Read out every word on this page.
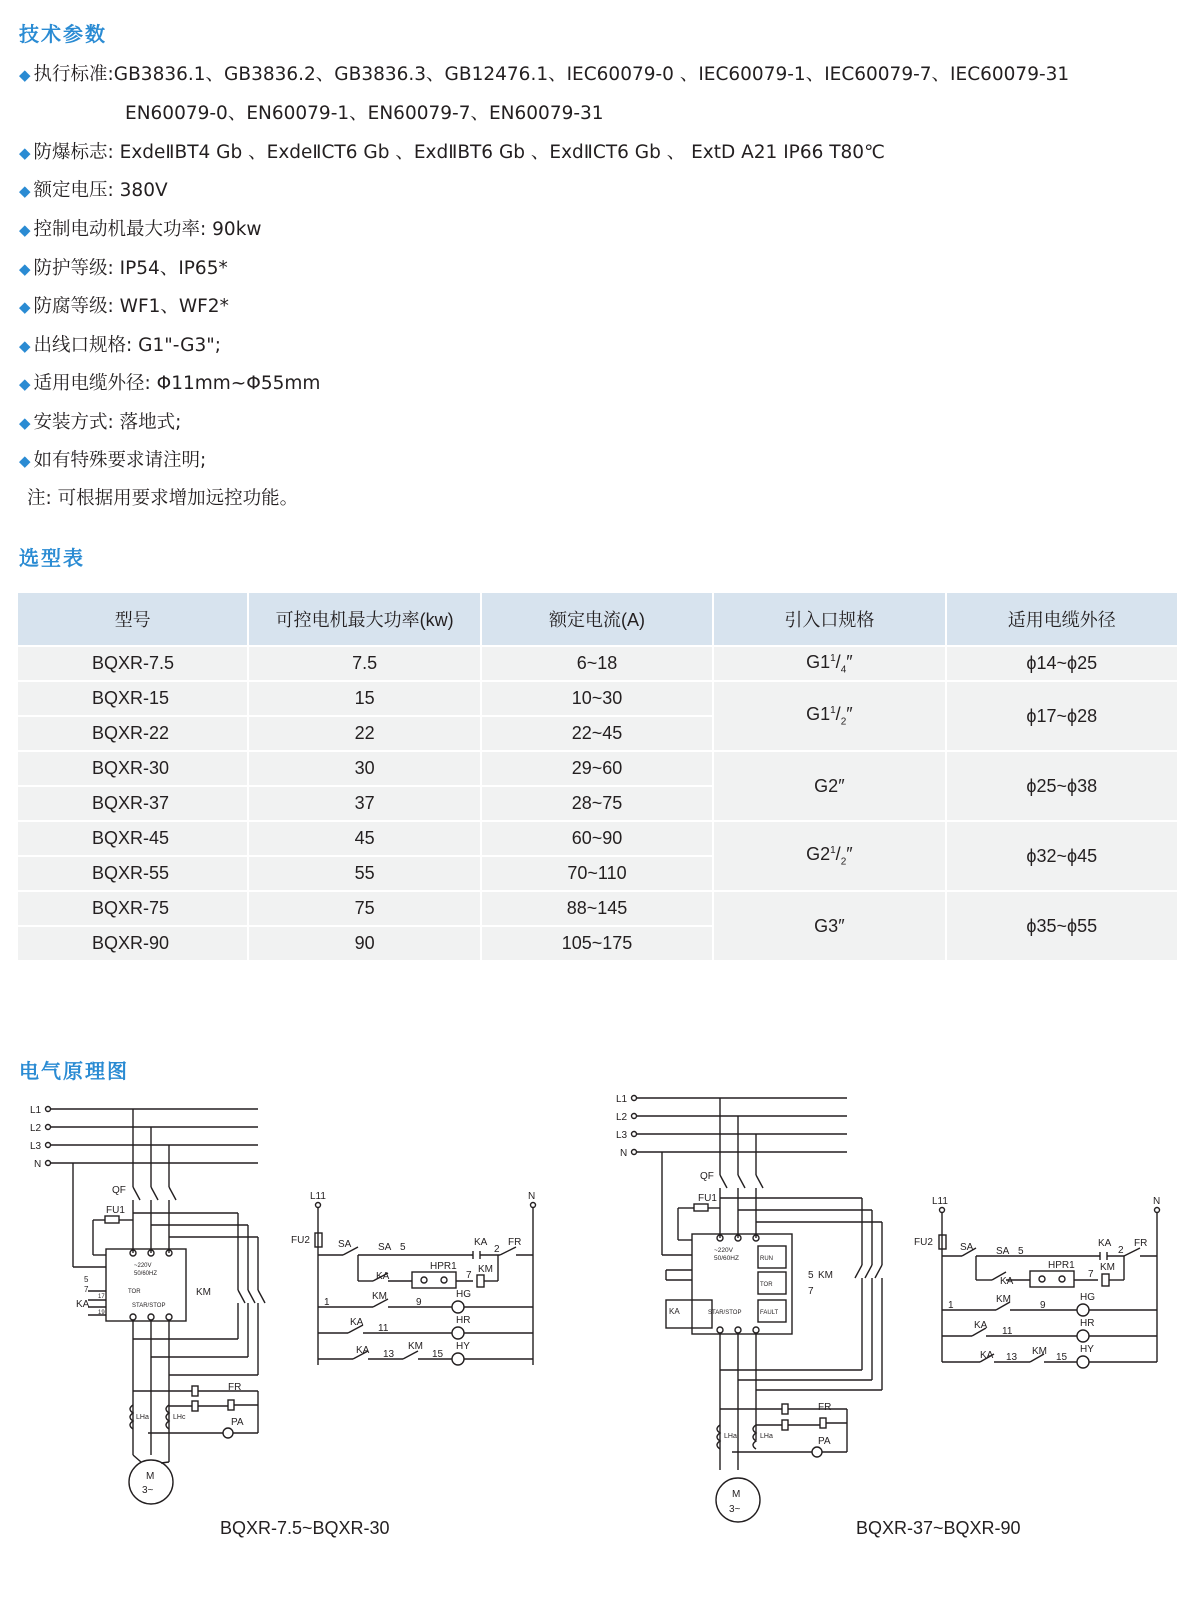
技术参数
◆ 执行标准:GB3836.1、GB3836.2、GB3836.3、GB12476.1、IEC60079-0 、IEC60079-1、IEC60079-7、IEC60079-31
EN60079-0、EN60079-1、EN60079-7、EN60079-31
◆ 防爆标志: ExdeⅡBT4 Gb 、ExdeⅡCT6 Gb 、ExdⅡBT6 Gb 、ExdⅡCT6 Gb 、 ExtD A21 IP66 T80℃
◆ 额定电压: 380V
◆ 控制电动机最大功率: 90kw
◆ 防护等级: IP54、IP65*
◆ 防腐等级: WF1、WF2*
◆ 出线口规格: G1"-G3";
◆ 适用电缆外径: Φ11mm~Φ55mm
◆ 安装方式: 落地式;
◆ 如有特殊要求请注明;
注: 可根据用要求增加远控功能。
选型表
型号	可控电机最大功率(kw)	额定电流(A)	引入口规格	适用电缆外径
BQXR-7.5	7.5	6~18	$G1^1/_4''$	ϕ14~ϕ25
BQXR-15	15	10~30	$G1^1/_2''$	ϕ17~ϕ28
BQXR-22	22	22~45		
BQXR-30	30	29~60	G2″	ϕ25~ϕ38
BQXR-37	37	28~75		
BQXR-45	45	60~90	$G2^1/_2''$	ϕ32~ϕ45
BQXR-55	55	70~110		
BQXR-75	75	88~145	G3″	ϕ35~ϕ55
BQXR-90	90	105~175		
电气原理图
L1
L2
L3
N
QF
FU1
KM
KA
FR
PA
M
3~
LHa	LHc
~220V
50/60HZ
TOR
STAR/STOP
5
7
17
19
L11	N
FU2	SA	SA 5
KA
HPR1
7
KM
KA
2
FR
1
KM
9
HG
KA
11
HR
KA 13
KM
15
HY
BQXR-7.5~BQXR-30
L1
L2
L3
N
QF
FU1
~220V
50/60HZ	RUN
TOR
FAULT
STAR/STOP
KA
5 KM
7
FR
PA
M
3~
LHa	LHa
L11	N
FU2	SA SA 5
KA
HPR1
7
KM
KA
2
FR
1
KM
9
HG
KA
11
HR
KA 13
KM
15
HY
BQXR-37~BQXR-90
